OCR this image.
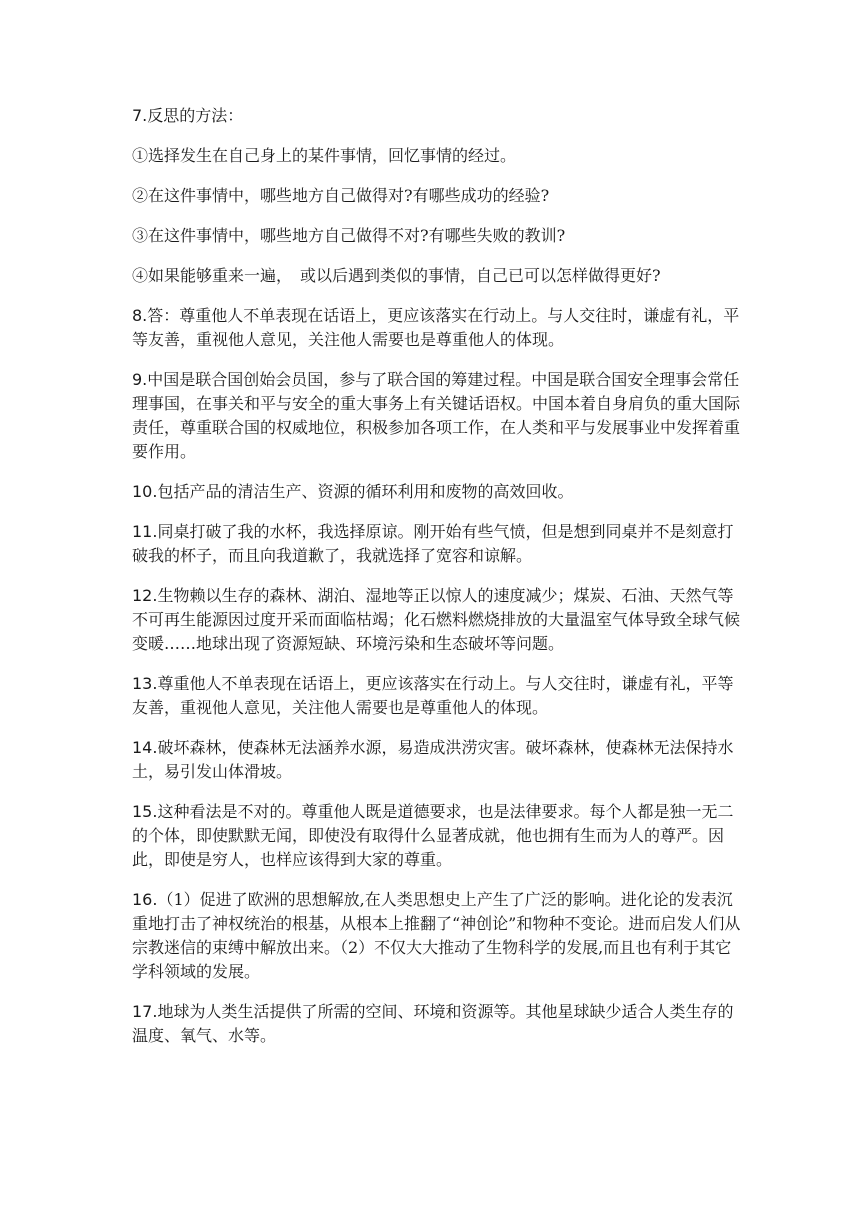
7.反思的方法：

①选择发生在自己身上的某件事情，回忆事情的经过。

②在这件事情中，哪些地方自己做得对?有哪些成功的经验?

③在这件事情中，哪些地方自己做得不对?有哪些失败的教训?

④如果能够重来一遍，　或以后遇到类似的事情，自己已可以怎样做得更好?

8.答：尊重他人不单表现在话语上，更应该落实在行动上。与人交往时，谦虚有礼，平等友善，重视他人意见，关注他人需要也是尊重他人的体现。

9.中国是联合国创始会员国，参与了联合国的筹建过程。中国是联合国安全理事会常任理事国，在事关和平与安全的重大事务上有关键话语权。中国本着自身肩负的重大国际责任，尊重联合国的权威地位，积极参加各项工作，在人类和平与发展事业中发挥着重要作用。

10.包括产品的清洁生产、资源的循环利用和废物的高效回收。

11.同桌打破了我的水杯，我选择原谅。刚开始有些气愤，但是想到同桌并不是刻意打破我的杯子，而且向我道歉了，我就选择了宽容和谅解。

12.生物赖以生存的森林、湖泊、湿地等正以惊人的速度减少；煤炭、石油、天然气等不可再生能源因过度开采而面临枯竭；化石燃料燃烧排放的大量温室气体导致全球气候变暖……地球出现了资源短缺、环境污染和生态破坏等问题。

13.尊重他人不单表现在话语上，更应该落实在行动上。与人交往时，谦虚有礼，平等友善，重视他人意见，关注他人需要也是尊重他人的体现。

14.破坏森林，使森林无法涵养水源，易造成洪涝灾害。破坏森林，使森林无法保持水土，易引发山体滑坡。

15.这种看法是不对的。尊重他人既是道德要求，也是法律要求。每个人都是独一无二的个体，即使默默无闻，即使没有取得什么显著成就，他也拥有生而为人的尊严。因此，即使是穷人，也样应该得到大家的尊重。

16.（1）促进了欧洲的思想解放,在人类思想史上产生了广泛的影响。进化论的发表沉重地打击了神权统治的根基，从根本上推翻了“神创论”和物种不变论。进而启发人们从宗教迷信的束缚中解放出来。（2）不仅大大推动了生物科学的发展,而且也有利于其它学科领域的发展。

17.地球为人类生活提供了所需的空间、环境和资源等。其他星球缺少适合人类生存的温度、氧气、水等。
